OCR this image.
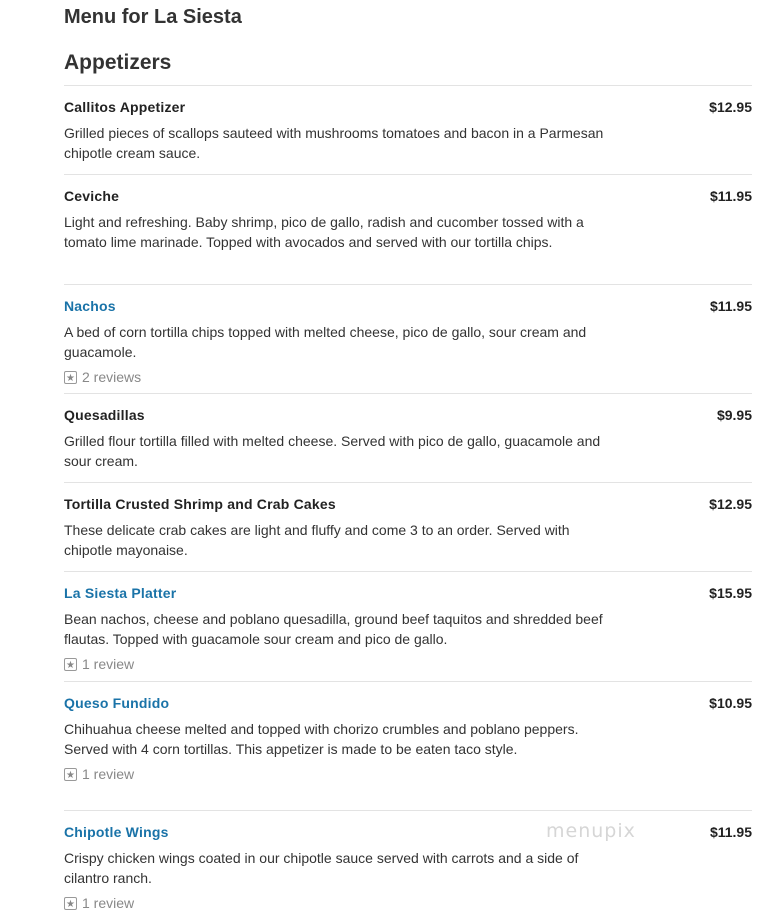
Menu for La Siesta
Appetizers
Callitos Appetizer	$12.95
Grilled pieces of scallops sauteed with mushrooms tomatoes and bacon in a Parmesan chipotle cream sauce.
Ceviche	$11.95
Light and refreshing. Baby shrimp, pico de gallo, radish and cucomber tossed with a tomato lime marinade. Topped with avocados and served with our tortilla chips.
Nachos	$11.95
A bed of corn tortilla chips topped with melted cheese, pico de gallo, sour cream and guacamole.
★
2 reviews
Quesadillas	$9.95
Grilled flour tortilla filled with melted cheese. Served with pico de gallo, guacamole and sour cream.
Tortilla Crusted Shrimp and Crab Cakes	$12.95
These delicate crab cakes are light and fluffy and come 3 to an order. Served with chipotle mayonaise.
La Siesta Platter	$15.95
Bean nachos, cheese and poblano quesadilla, ground beef taquitos and shredded beef flautas. Topped with guacamole sour cream and pico de gallo.
★
1 review
Queso Fundido	$10.95
Chihuahua cheese melted and topped with chorizo crumbles and poblano peppers. Served with 4 corn tortillas. This appetizer is made to be eaten taco style.
★
1 review
Chipotle Wings	$11.95
Crispy chicken wings coated in our chipotle sauce served with carrots and a side of cilantro ranch.
★
1 review
menupix
